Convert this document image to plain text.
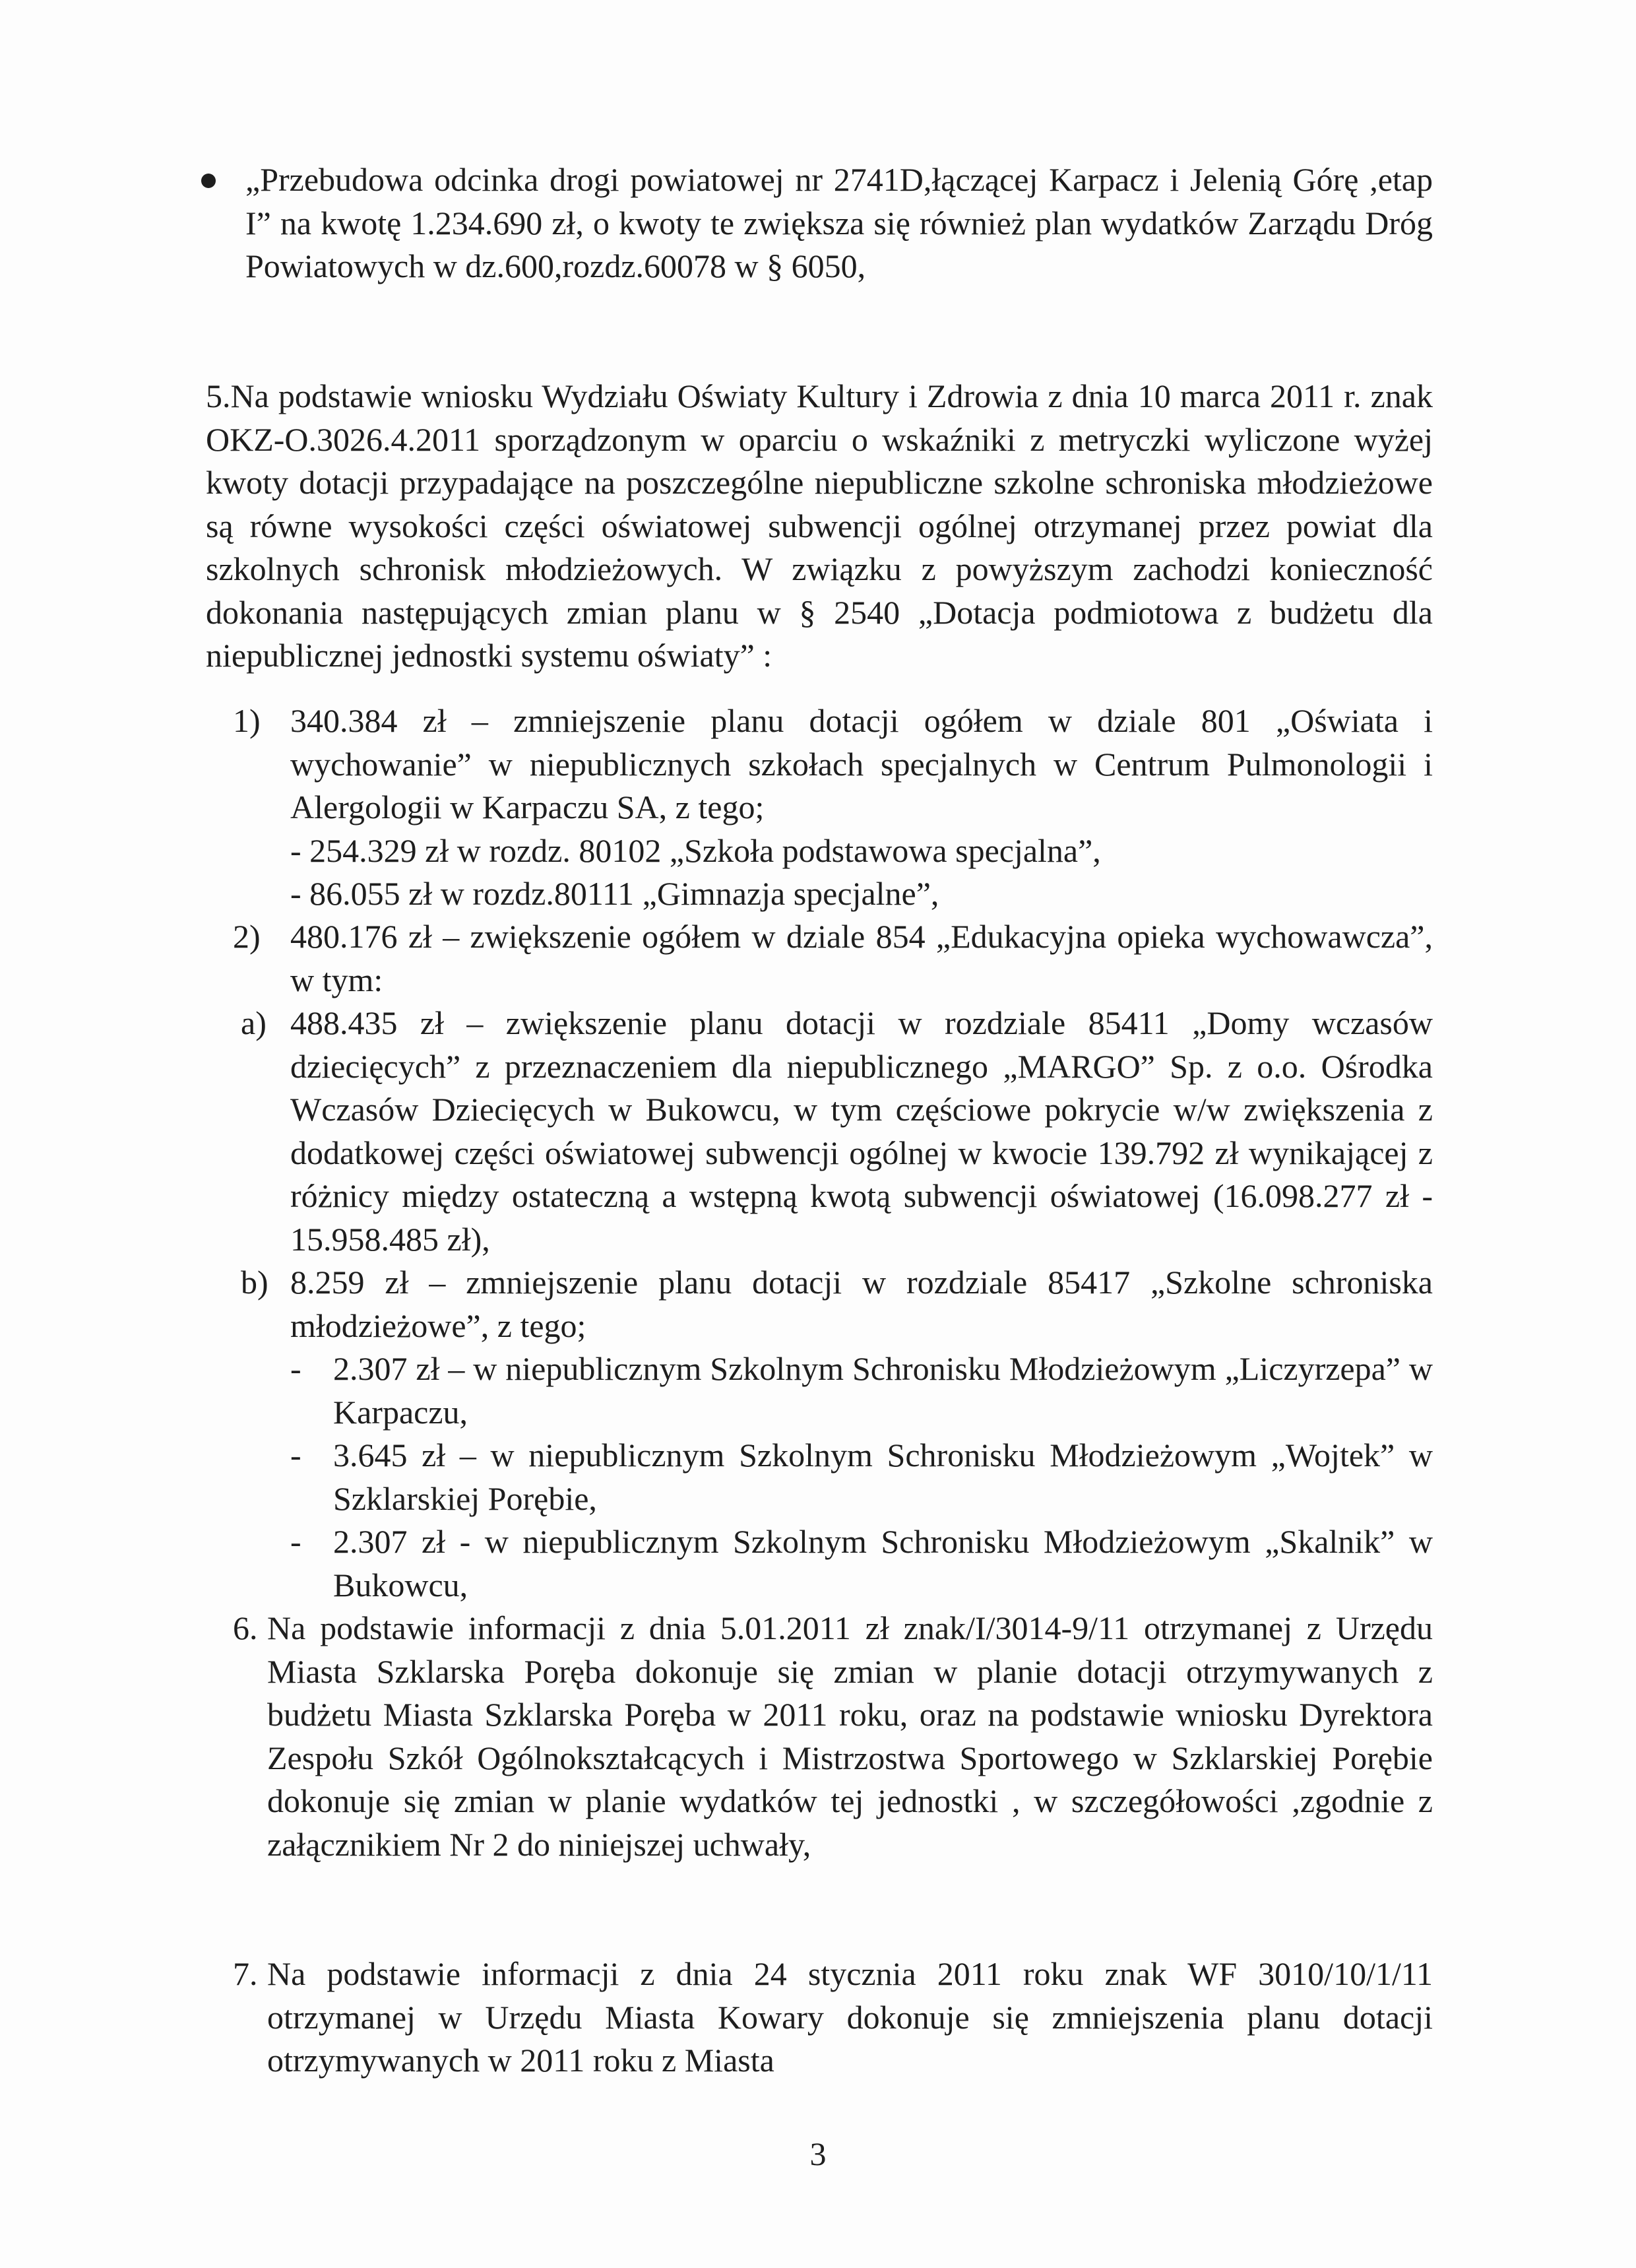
„Przebudowa odcinka drogi powiatowej nr 2741D,łączącej Karpacz i Jelenią Górę ,etap I” na kwotę 1.234.690 zł, o kwoty te zwiększa się również plan wydatków Zarządu Dróg Powiatowych w dz.600,rozdz.60078 w § 6050,

5.Na podstawie wniosku Wydziału Oświaty Kultury i Zdrowia z dnia 10 marca 2011 r. znak OKZ-O.3026.4.2011 sporządzonym w oparciu o wskaźniki z metryczki wyliczone wyżej kwoty dotacji przypadające na poszczególne niepubliczne szkolne schroniska młodzieżowe są równe wysokości części oświatowej subwencji ogólnej otrzymanej przez powiat dla szkolnych schronisk młodzieżowych. W związku z powyższym zachodzi konieczność dokonania następujących zmian planu w § 2540 „Dotacja podmiotowa z budżetu dla niepublicznej jednostki systemu oświaty” :

1) 340.384 zł – zmniejszenie planu dotacji ogółem w dziale 801 „Oświata i wychowanie” w niepublicznych szkołach specjalnych w Centrum Pulmonologii i Alergologii w Karpaczu SA, z tego;
- 254.329 zł w rozdz. 80102 „Szkoła podstawowa specjalna”,
- 86.055 zł w rozdz.80111 „Gimnazja specjalne”,

2) 480.176 zł – zwiększenie ogółem w dziale 854 „Edukacyjna opieka wychowawcza”, w tym:

a) 488.435 zł – zwiększenie planu dotacji w rozdziale 85411 „Domy wczasów dziecięcych” z przeznaczeniem dla niepublicznego „MARGO” Sp. z o.o. Ośrodka Wczasów Dziecięcych w Bukowcu, w tym częściowe pokrycie w/w zwiększenia z dodatkowej części oświatowej subwencji ogólnej w kwocie 139.792 zł wynikającej z różnicy między ostateczną a wstępną kwotą subwencji oświatowej (16.098.277 zł - 15.958.485 zł),

b) 8.259 zł – zmniejszenie planu dotacji w rozdziale 85417 „Szkolne schroniska młodzieżowe”, z tego;

- 2.307 zł – w niepublicznym Szkolnym Schronisku Młodzieżowym „Liczyrzepa” w Karpaczu,

- 3.645 zł – w niepublicznym Szkolnym Schronisku Młodzieżowym „Wojtek” w Szklarskiej Porębie,

- 2.307 zł - w niepublicznym Szkolnym Schronisku Młodzieżowym „Skalnik” w Bukowcu,

6. Na podstawie informacji z dnia 5.01.2011 zł znak/I/3014-9/11 otrzymanej z Urzędu Miasta Szklarska Poręba dokonuje się zmian w planie dotacji otrzymywanych z budżetu Miasta Szklarska Poręba w 2011 roku, oraz na podstawie wniosku Dyrektora Zespołu Szkół Ogólnokształcących i Mistrzostwa Sportowego w Szklarskiej Porębie dokonuje się zmian w planie wydatków tej jednostki , w szczegółowości ,zgodnie z załącznikiem Nr 2 do niniejszej uchwały,

7. Na podstawie informacji z dnia 24 stycznia 2011 roku znak WF 3010/10/1/11 otrzymanej w Urzędu Miasta Kowary dokonuje się zmniejszenia planu dotacji otrzymywanych w 2011 roku z Miasta

3
